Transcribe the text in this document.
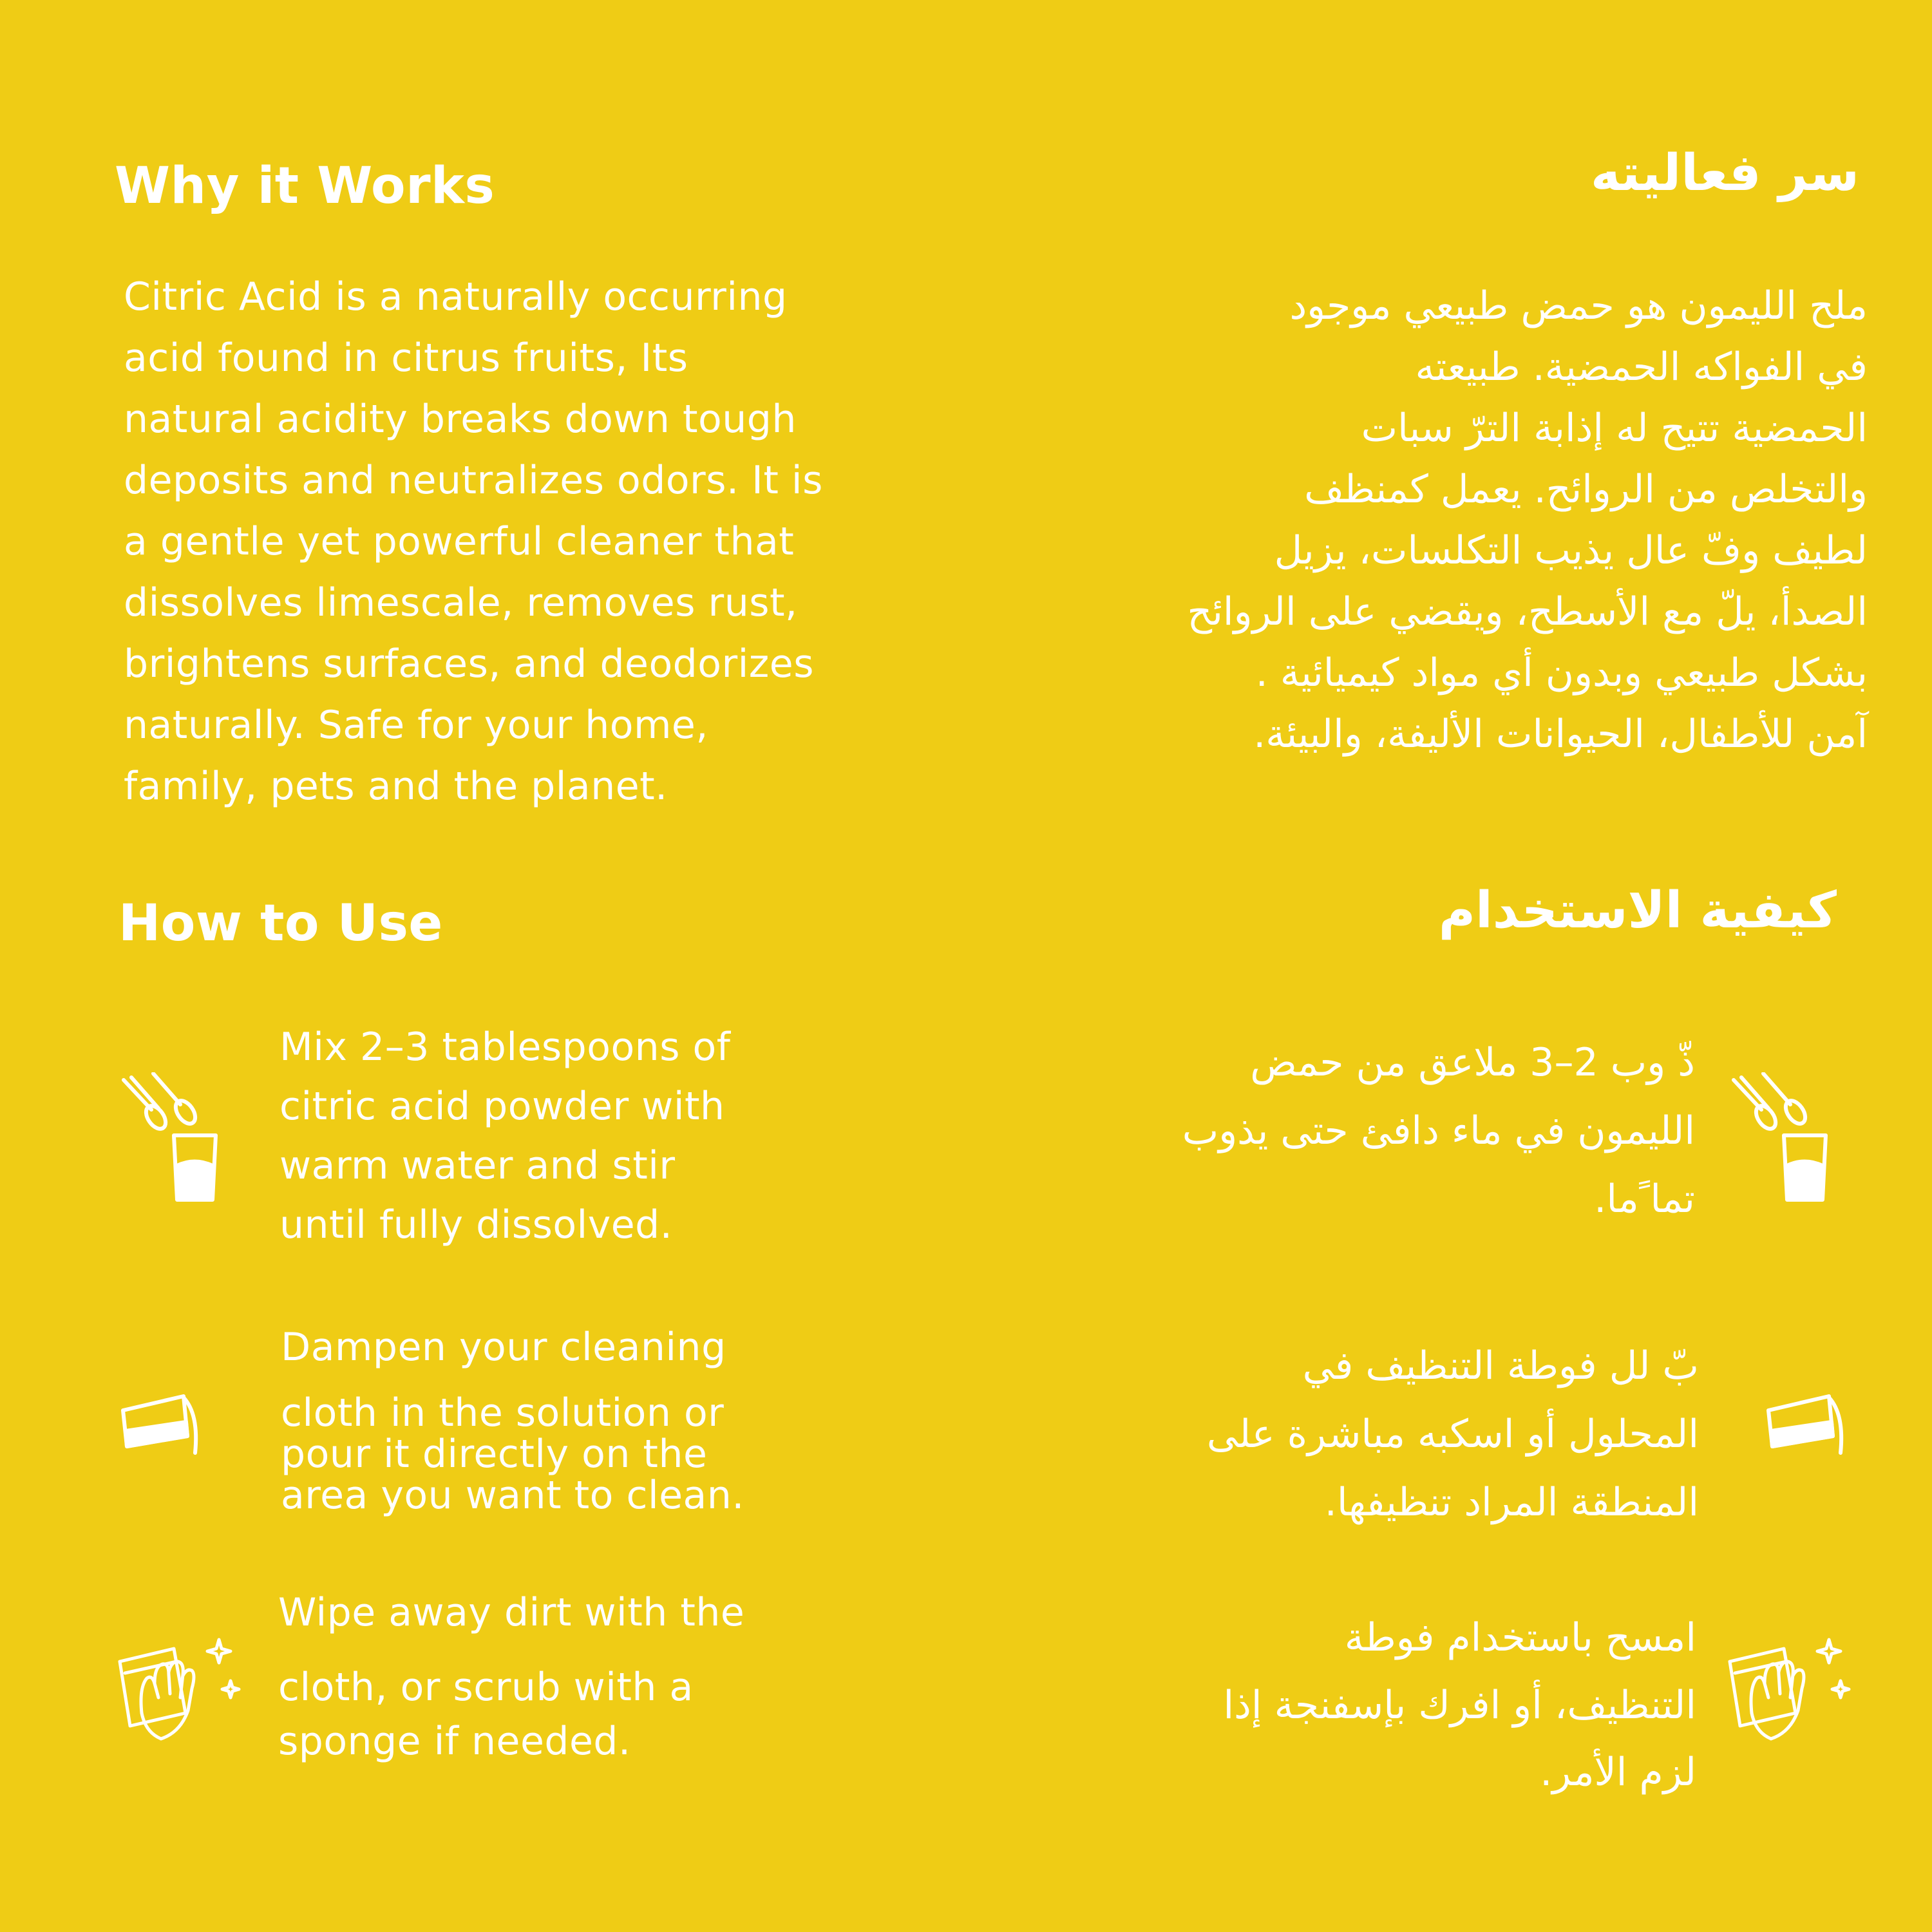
Why it Works	سر فعاليته
Citric Acid is a naturally occurring
acid found in citrus fruits, Its
natural acidity breaks down tough
deposits and neutralizes odors. It is
a gentle yet powerful cleaner that
dissolves limescale, removes rust,
brightens surfaces, and deodorizes
naturally. Safe for your home,
family, pets and the planet.
ملح الليمون هو حمض طبيعي موجود
في الفواكه الحمضية. طبيعته
الحمضية تتيح له إذابة الترّ سبات
والتخلص من الروائح. يعمل كمنظف
لطيف وفّ عال يذيب التكلسات، يزيل
الصدأ، يلّ مع الأسطح، ويقضي على الروائح
بشكل طبيعي وبدون أي مواد كيميائية .
آمن للأطفال، الحيوانات الأليفة، والبيئة.
How to Use	كيفية الاستخدام
Mix 2–3 tablespoons of
citric acid powder with
warm water and stir
until fully dissolved.
ذّ وب 2–3 ملاعق من حمض
الليمون في ماء دافئ حتى يذوب
تما ًما.
Dampen your cleaning
cloth in the solution or
pour it directly on the
area you want to clean.
بّ لل فوطة التنظيف في
المحلول أو اسكبه مباشرة على
المنطقة المراد تنظيفها.
Wipe away dirt with the
cloth, or scrub with a
sponge if needed.
امسح باستخدام فوطة
التنظيف، أو افرك بإسفنجة إذا
لزم الأمر.
